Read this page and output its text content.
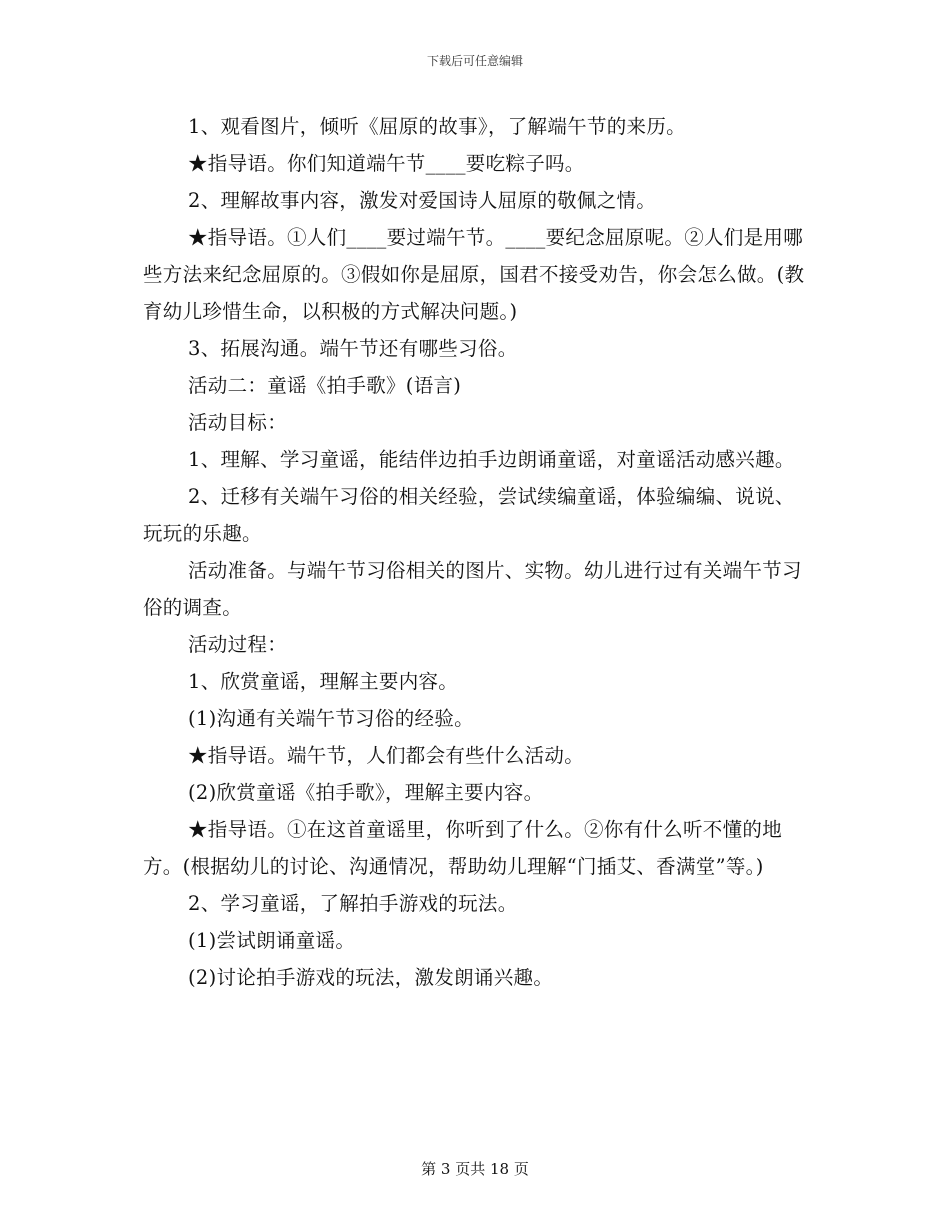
下载后可任意编辑

1、观看图片，倾听《屈原的故事》，了解端午节的来历。

★指导语。你们知道端午节____要吃粽子吗。

2、理解故事内容，激发对爱国诗人屈原的敬佩之情。

★指导语。①人们____要过端午节。____要纪念屈原呢。②人们是用哪些方法来纪念屈原的。③假如你是屈原，国君不接受劝告，你会怎么做。(教育幼儿珍惜生命，以积极的方式解决问题。)

3、拓展沟通。端午节还有哪些习俗。

活动二：童谣《拍手歌》(语言)

活动目标：

1、理解、学习童谣，能结伴边拍手边朗诵童谣，对童谣活动感兴趣。

2、迁移有关端午习俗的相关经验，尝试续编童谣，体验编编、说说、玩玩的乐趣。

活动准备。与端午节习俗相关的图片、实物。幼儿进行过有关端午节习俗的调查。

活动过程：

1、欣赏童谣，理解主要内容。

(1)沟通有关端午节习俗的经验。

★指导语。端午节，人们都会有些什么活动。

(2)欣赏童谣《拍手歌》，理解主要内容。

★指导语。①在这首童谣里，你听到了什么。②你有什么听不懂的地方。(根据幼儿的讨论、沟通情况，帮助幼儿理解“门插艾、香满堂”等。)

2、学习童谣，了解拍手游戏的玩法。

(1)尝试朗诵童谣。

(2)讨论拍手游戏的玩法，激发朗诵兴趣。

第 3 页共 18 页
